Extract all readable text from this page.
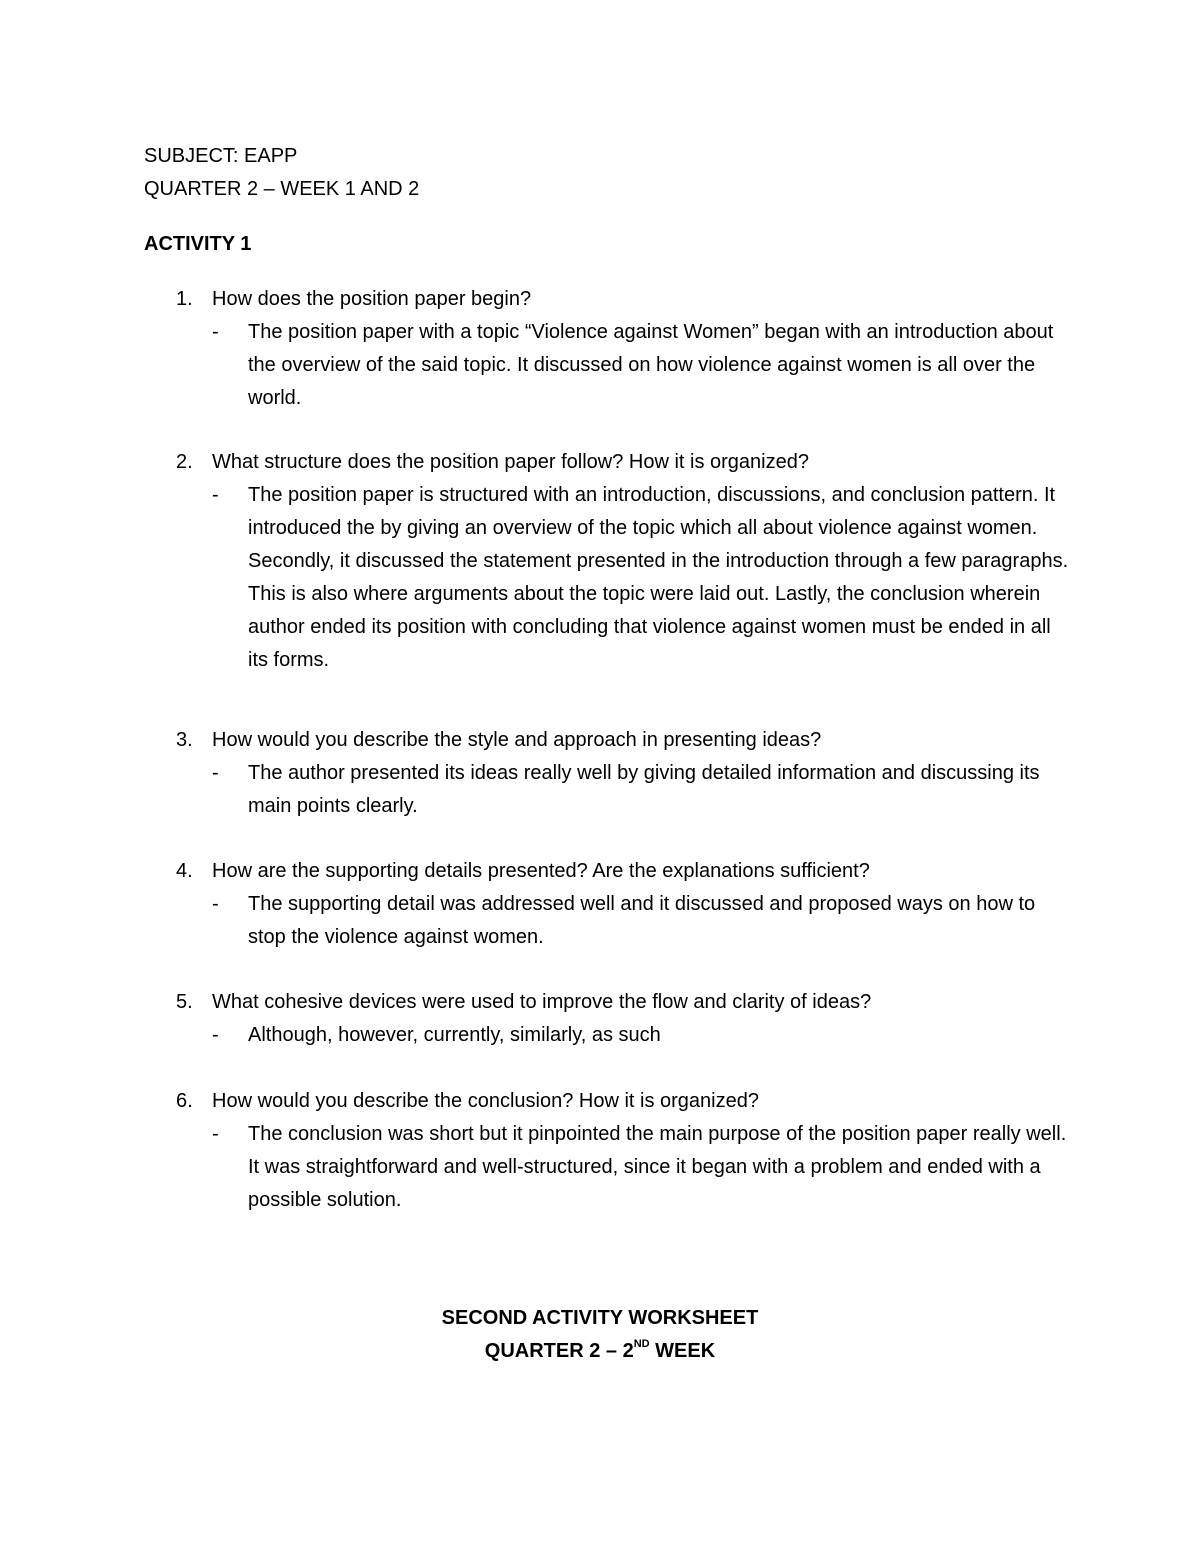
SUBJECT: EAPP
QUARTER 2 – WEEK 1 AND 2
ACTIVITY 1
1. How does the position paper begin?
- The position paper with a topic “Violence against Women” began with an introduction about the overview of the said topic. It discussed on how violence against women is all over the world.
2. What structure does the position paper follow? How it is organized?
- The position paper is structured with an introduction, discussions, and conclusion pattern. It introduced the by giving an overview of the topic which all about violence against women. Secondly, it discussed the statement presented in the introduction through a few paragraphs. This is also where arguments about the topic were laid out. Lastly, the conclusion wherein author ended its position with concluding that violence against women must be ended in all its forms.
3. How would you describe the style and approach in presenting ideas?
- The author presented its ideas really well by giving detailed information and discussing its main points clearly.
4. How are the supporting details presented? Are the explanations sufficient?
- The supporting detail was addressed well and it discussed and proposed ways on how to stop the violence against women.
5. What cohesive devices were used to improve the flow and clarity of ideas?
- Although, however, currently, similarly, as such
6. How would you describe the conclusion? How it is organized?
- The conclusion was short but it pinpointed the main purpose of the position paper really well. It was straightforward and well-structured, since it began with a problem and ended with a possible solution.
SECOND ACTIVITY WORKSHEET
QUARTER 2 – 2ND WEEK
